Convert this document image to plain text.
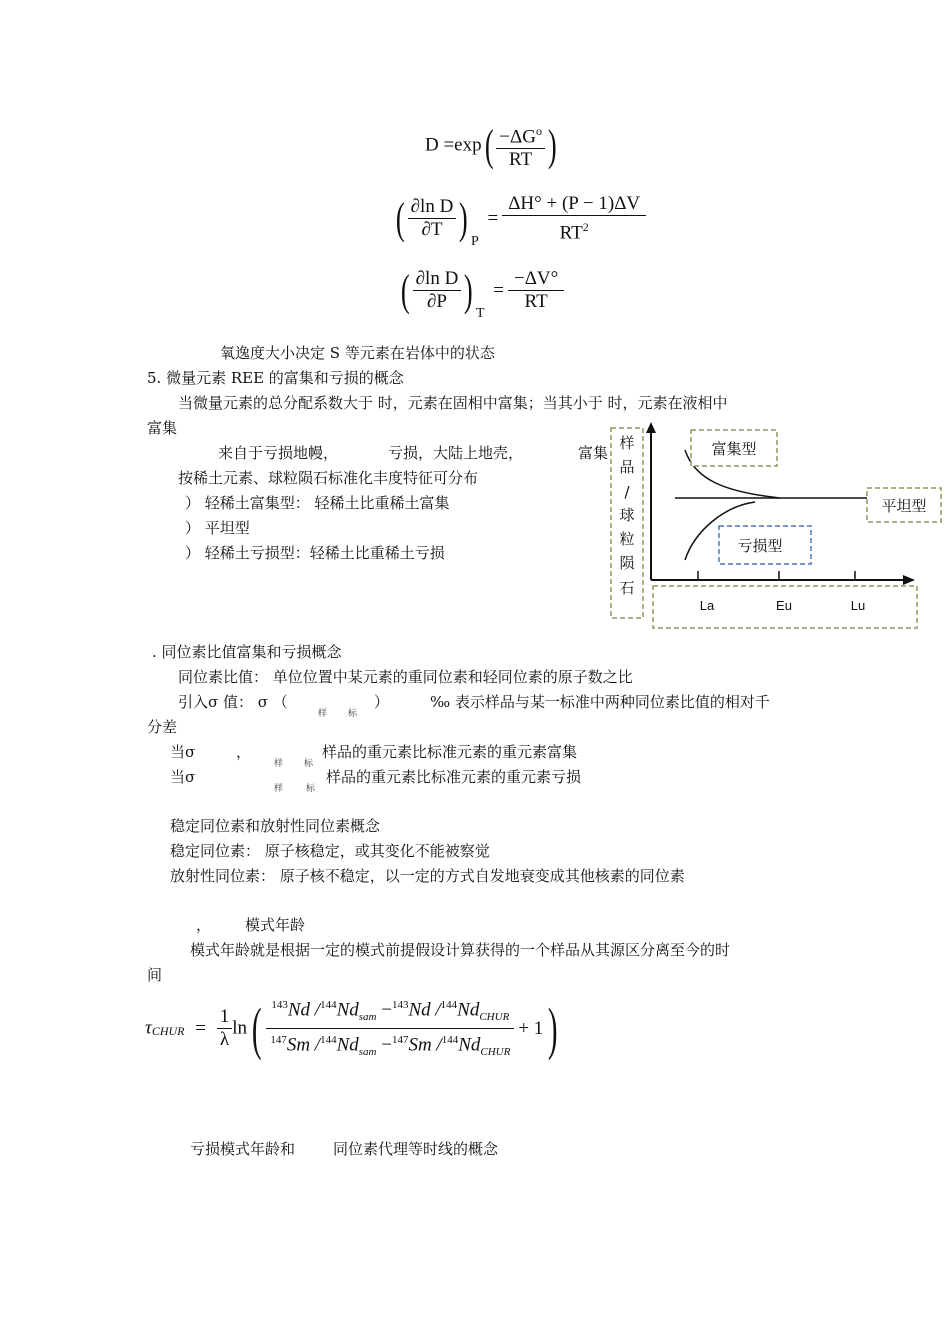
$D =\exp( \frac{-\Delta G^o}{RT}$ )
( $\frac{\text{∂ln D}}{\partial T}$ ) $_P = \frac{\Delta H^\circ + (P - 1)\Delta V}{RT^2}$
( $\frac{\text{∂ln D}}{\partial P}$ ) $_T = \frac{-\Delta V^\circ}{RT}$
氧逸度大小决定 S 等元素在岩体中的状态
5. 微量元素 REE 的富集和亏损的概念
当微量元素的总分配系数大于 时，元素在固相中富集；当其小于 时，元素在液相中
富集
来自于亏损地幔，	亏损，大陆上地壳，	富集
按稀土元素、球粒陨石标准化丰度特征可分布
） 轻稀土富集型： 轻稀土比重稀土富集
） 平坦型
） 轻稀土亏损型：轻稀土比重稀土亏损
样
品
/
球
粒
陨
石
La	Eu	Lu
富集型
平坦型
亏损型
. 同位素比值富集和亏损概念
同位素比值： 单位位置中某元素的重同位素和轻同位素的原子数之比
引入σ 值： σ （	）	‰ 表示样品与某一标准中两种同位素比值的相对千
样 标
分差
当σ	，
样 标
样品的重元素比标准元素的重元素富集
当σ
样	标
样品的重元素比标准元素的重元素亏损
稳定同位素和放射性同位素概念
稳定同位素： 原子核稳定，或其变化不能被察觉
放射性同位素： 原子核不稳定，以一定的方式自发地衰变成其他核素的同位素
， 模式年龄
模式年龄就是根据一定的模式前提假设计算获得的一个样品从其源区分离至今的时
间
$\tau_{CHUR} = \frac{1}{\lambda} \ln( \frac{^{143}Nd /^{144}Nd_{sam} -^{143}Nd /^{144}Nd_{CHUR}}{^{147}Sm /^{144}Nd_{sam} -^{147}Sm /^{144}Nd_{CHUR}} + 1)$
亏损模式年龄和	同位素代理等时线的概念
